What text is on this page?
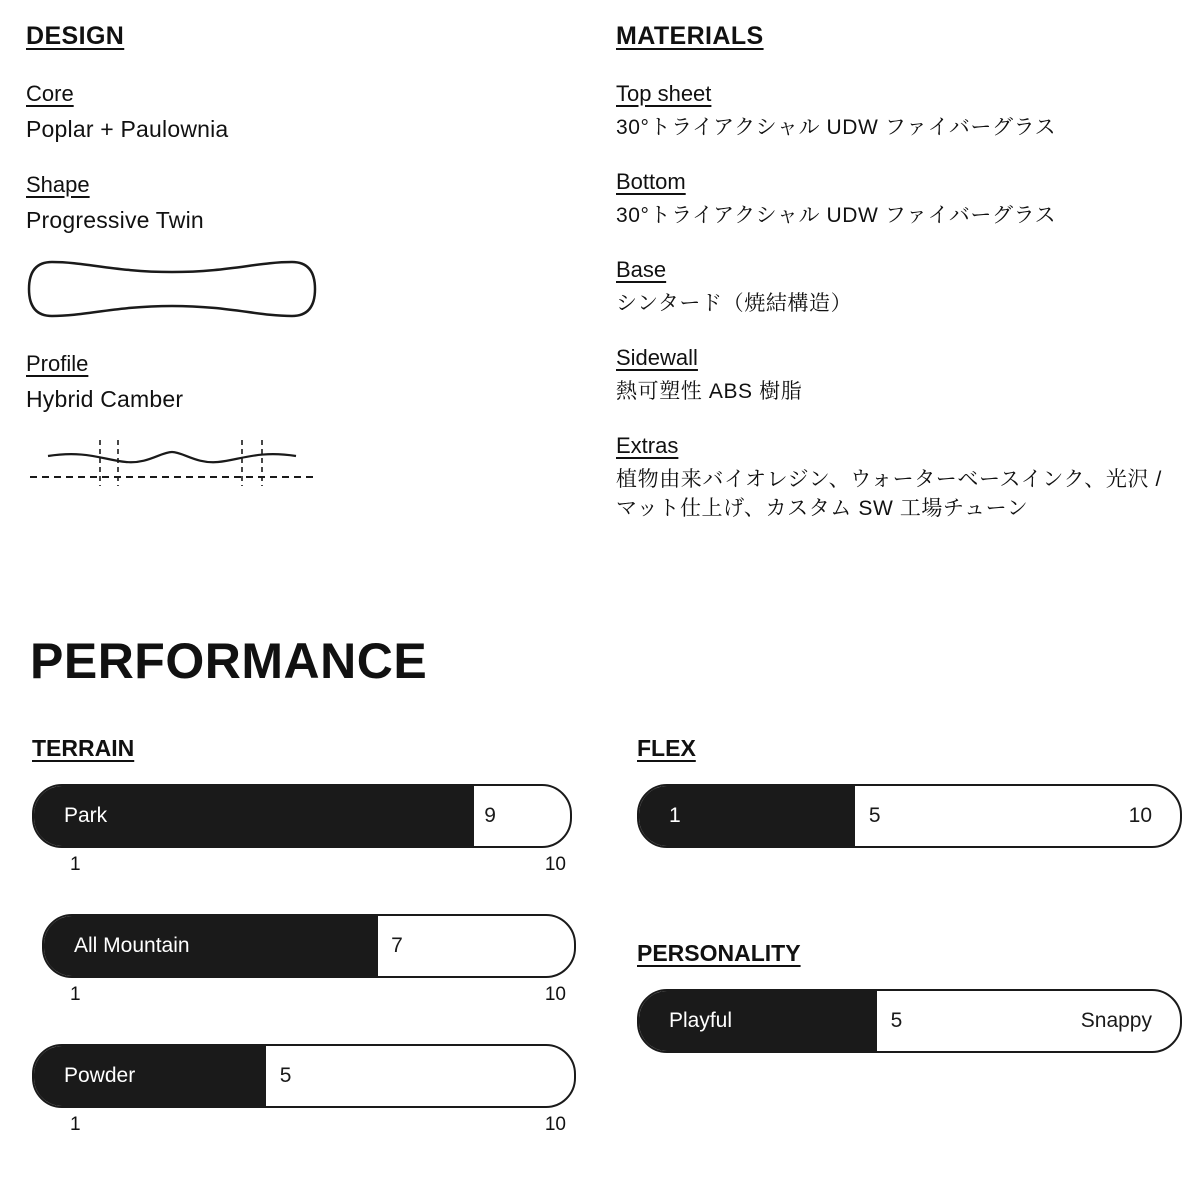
DESIGN
Core
Poplar + Paulownia
Shape
Progressive Twin
Profile
Hybrid Camber
MATERIALS
Top sheet
30°トライアクシャル UDW ファイバーグラス
Bottom
30°トライアクシャル UDW ファイバーグラス
Base
シンタード（焼結構造）
Sidewall
熱可塑性 ABS 樹脂
Extras
植物由来バイオレジン、ウォーターベースインク、光沢 / マット仕上げ、カスタム SW 工場チューン
PERFORMANCE
TERRAIN
Park	9
1	10
All Mountain	7
1	10
Powder	5
1	10
FLEX
1	5	10
PERSONALITY
Playful	5	Snappy
